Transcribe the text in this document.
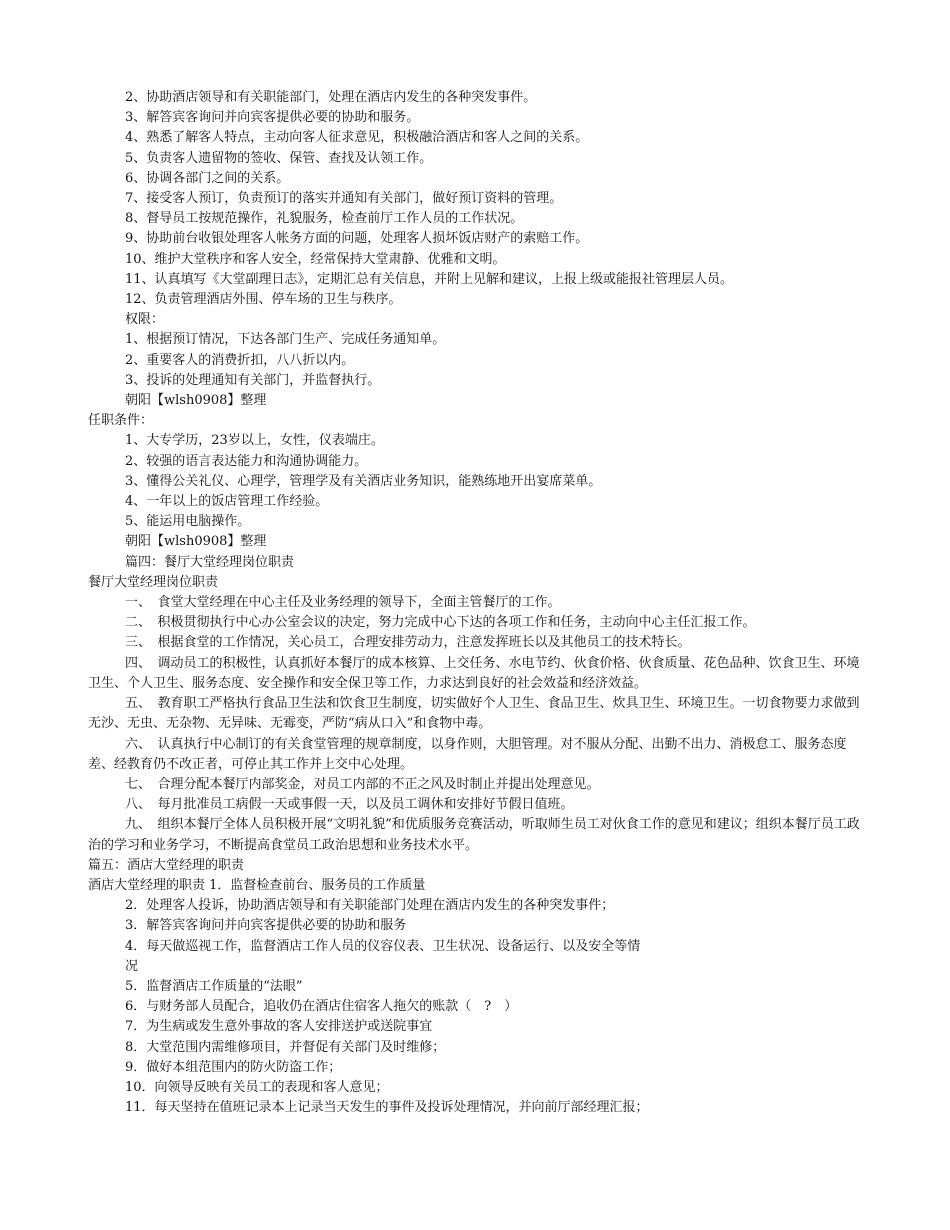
2、协助酒店领导和有关职能部门，处理在酒店内发生的各种突发事件。
3、解答宾客询问并向宾客提供必要的协助和服务。
4、熟悉了解客人特点，主动向客人征求意见，积极融洽酒店和客人之间的关系。
5、负责客人遗留物的签收、保管、查找及认领工作。
6、协调各部门之间的关系。
7、接受客人预订，负责预订的落实并通知有关部门，做好预订资料的管理。
8、督导员工按规范操作，礼貌服务，检查前厅工作人员的工作状况。
9、协助前台收银处理客人帐务方面的问题，处理客人损坏饭店财产的索赔工作。
10、维护大堂秩序和客人安全，经常保持大堂肃静、优雅和文明。
11、认真填写《大堂副理日志》，定期汇总有关信息，并附上见解和建议，上报上级或能报社管理层人员。
12、负责管理酒店外围、停车场的卫生与秩序。
权限：
1、根据预订情况，下达各部门生产、完成任务通知单。
2、重要客人的消费折扣，八八折以内。
3、投诉的处理通知有关部门，并监督执行。
朝阳【wlsh0908】整理
任职条件：
1、大专学历，23岁以上，女性，仪表端庄。
2、较强的语言表达能力和沟通协调能力。
3、懂得公关礼仪、心理学，管理学及有关酒店业务知识，能熟练地开出宴席菜单。
4、一年以上的饭店管理工作经验。
5、能运用电脑操作。
朝阳【wlsh0908】整理
篇四：餐厅大堂经理岗位职责
餐厅大堂经理岗位职责
一、　食堂大堂经理在中心主任及业务经理的领导下，全面主管餐厅的工作。
二、　积极贯彻执行中心办公室会议的决定，努力完成中心下达的各项工作和任务，主动向中心主任汇报工作。
三、　根据食堂的工作情况，关心员工，合理安排劳动力，注意发挥班长以及其他员工的技术特长。
四、　调动员工的积极性，认真抓好本餐厅的成本核算、上交任务、水电节约、伙食价格、伙食质量、花色品种、饮食卫生、环境卫生、个人卫生、服务态度、安全操作和安全保卫等工作，力求达到良好的社会效益和经济效益。
五、　教育职工严格执行食品卫生法和饮食卫生制度，切实做好个人卫生、食品卫生、炊具卫生、环境卫生。一切食物要力求做到无沙、无虫、无杂物、无异味、无霉变，严防“病从口入”和食物中毒。
六、　认真执行中心制订的有关食堂管理的规章制度，以身作则，大胆管理。对不服从分配、出勤不出力、消极怠工、服务态度差、经教育仍不改正者，可停止其工作并上交中心处理。
七、　合理分配本餐厅内部奖金，对员工内部的不正之风及时制止并提出处理意见。
八、　每月批准员工病假一天或事假一天，以及员工调休和安排好节假日值班。
九、　组织本餐厅全体人员积极开展“文明礼貌”和优质服务竞赛活动，听取师生员工对伙食工作的意见和建议；组织本餐厅员工政治的学习和业务学习，不断提高食堂员工政治思想和业务技术水平。
篇五：酒店大堂经理的职责
酒店大堂经理的职责 1．监督检查前台、服务员的工作质量
2．处理客人投诉，协助酒店领导和有关职能部门处理在酒店内发生的各种突发事件；
3．解答宾客询问并向宾客提供必要的协助和服务
4．每天做巡视工作，监督酒店工作人员的仪容仪表、卫生状况、设备运行、以及安全等情
况
5．监督酒店工作质量的“法眼”
6．与财务部人员配合，追收仍在酒店住宿客人拖欠的账款（　?　）
7．为生病或发生意外事故的客人安排送护或送院事宜
8．大堂范围内需维修项目，并督促有关部门及时维修；
9．做好本组范围内的防火防盗工作；
10．向领导反映有关员工的表现和客人意见；
11．每天坚持在值班记录本上记录当天发生的事件及投诉处理情况，并向前厅部经理汇报；
